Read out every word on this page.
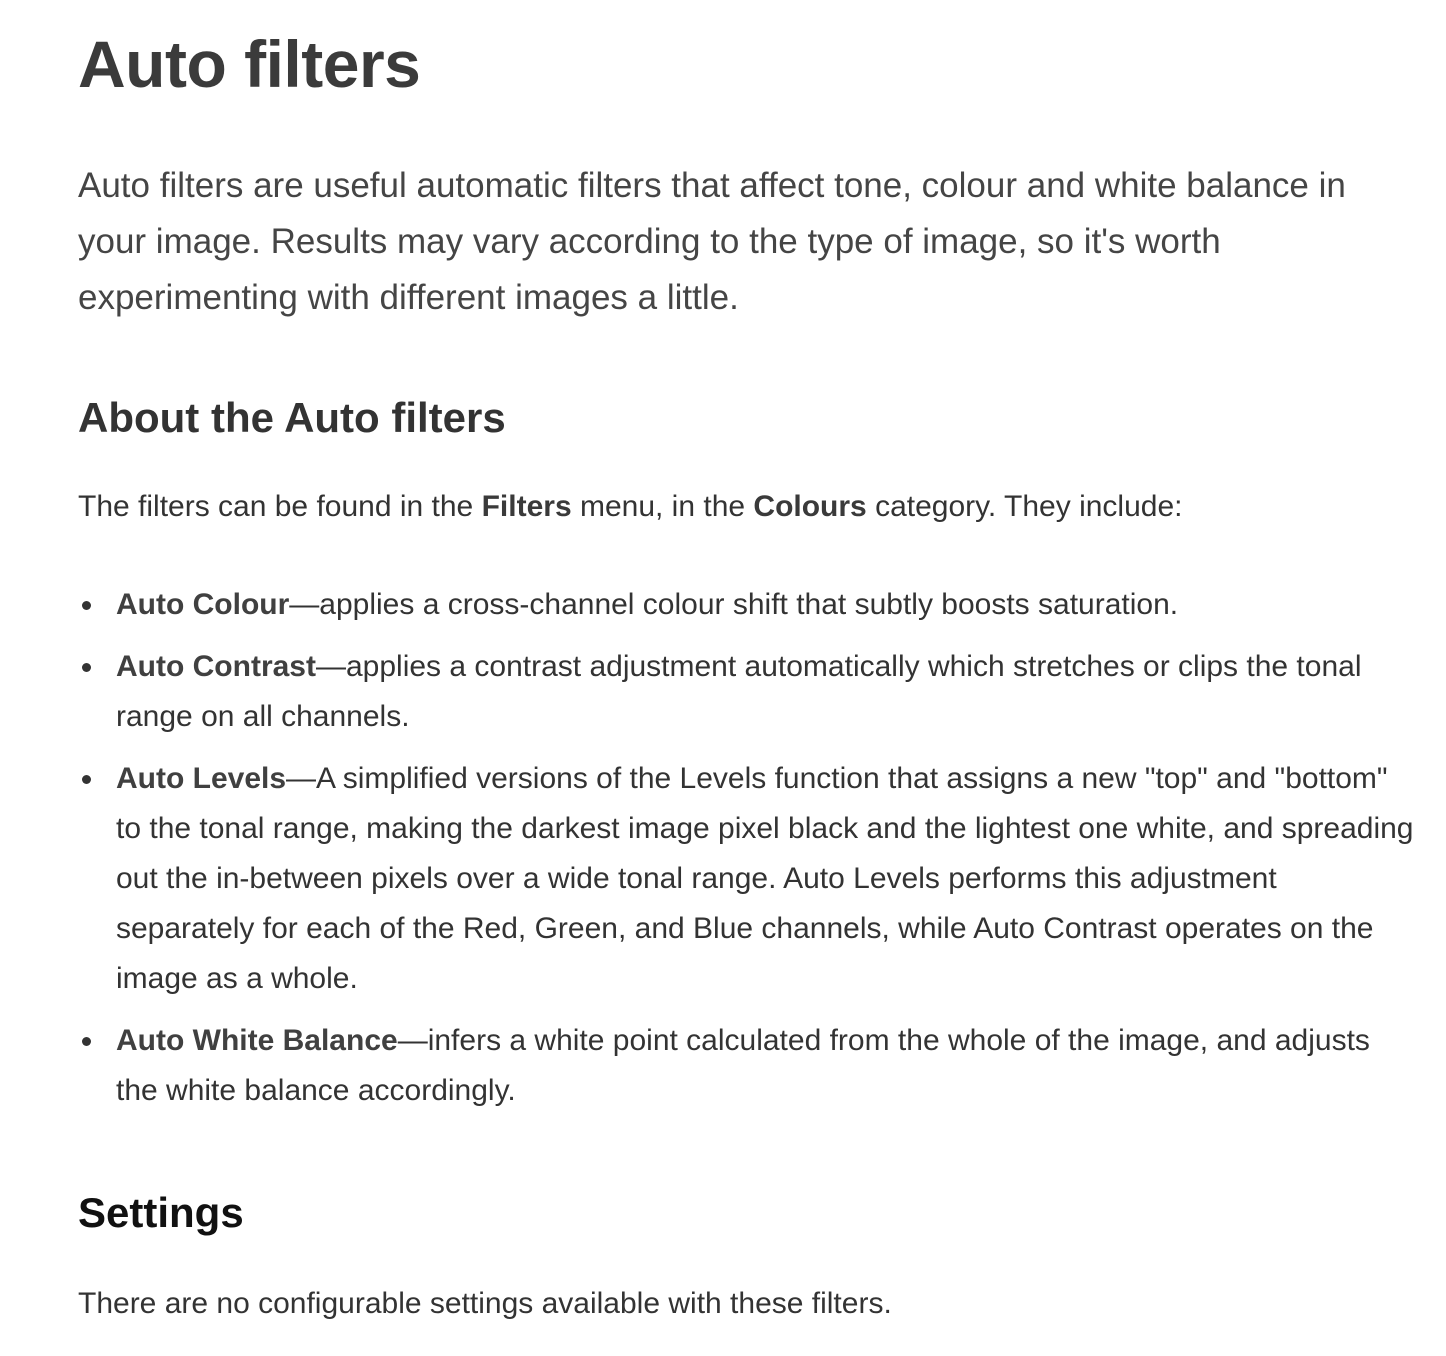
Auto filters

Auto filters are useful automatic filters that affect tone, colour and white balance in your image. Results may vary according to the type of image, so it's worth experimenting with different images a little.

About the Auto filters

The filters can be found in the Filters menu, in the Colours category. They include:

Auto Colour—applies a cross-channel colour shift that subtly boosts saturation.
Auto Contrast—applies a contrast adjustment automatically which stretches or clips the tonal range on all channels.
Auto Levels—A simplified versions of the Levels function that assigns a new "top" and "bottom" to the tonal range, making the darkest image pixel black and the lightest one white, and spreading out the in-between pixels over a wide tonal range. Auto Levels performs this adjustment separately for each of the Red, Green, and Blue channels, while Auto Contrast operates on the image as a whole.
Auto White Balance—infers a white point calculated from the whole of the image, and adjusts the white balance accordingly.
Settings

There are no configurable settings available with these filters.
